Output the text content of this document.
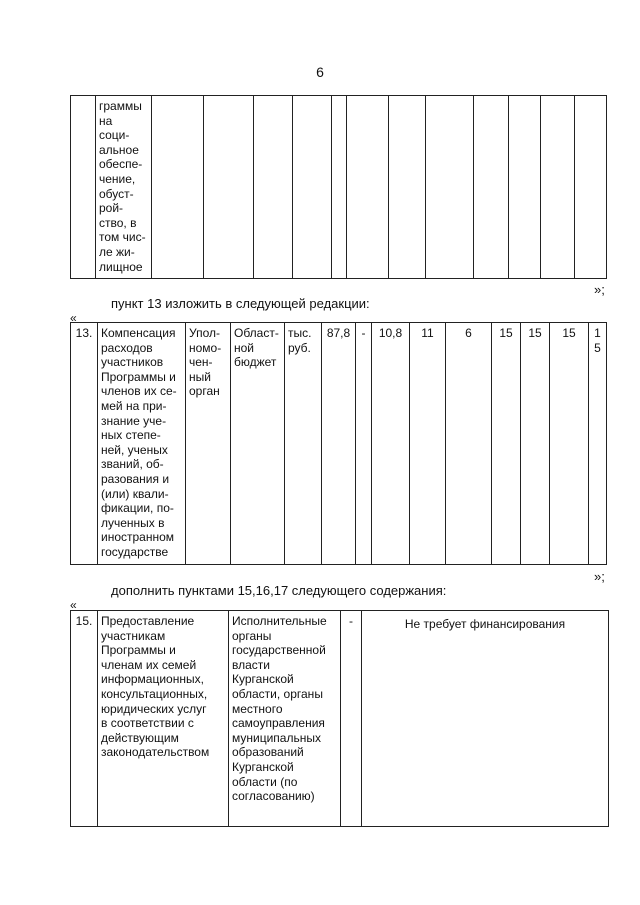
6

граммы
на
соци-
альное
обеспе-
чение,
обуст-
рой-
ство, в
том чис-
ле жи-
лищное

»;
пункт 13 изложить в следующей редакции:
«
13.	Компенсация
расходов
участников
Программы и
членов их се-
мей на при-
знание уче-
ных степе-
ней, ученых
званий, об-
разования и
(или) квали-
фикации, по-
лученных в
иностранном
государстве

Упол-
номо-
чен-
ный
орган

Област-
ной
бюджет

тыс.
руб.
	87,8	-	10,8	11	6	15	15	15	15
»;
дополнить пунктами 15,16,17 следующего содержания:
«
15.	Предоставление
участникам
Программы и
членам их семей
информационных,
консультационных,
юридических услуг
в соответствии с
действующим
законодательством

Исполнительные
органы
государственной
власти
Курганской
области, органы
местного
самоуправления
муниципальных
образований
Курганской
области (по
согласованию)
	-	Не требует финансирования
